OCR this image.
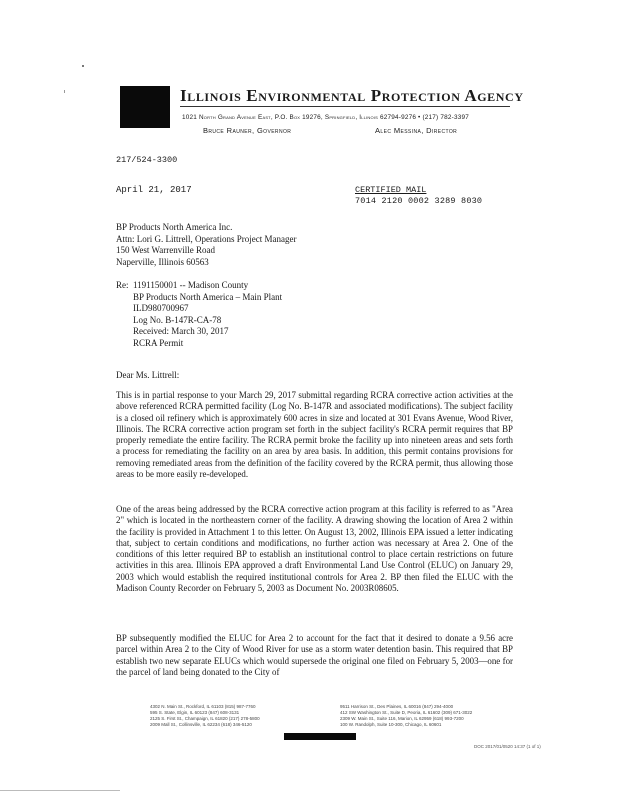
Illinois Environmental Protection Agency
1021 North Grand Avenue East, P.O. Box 19276, Springfield, Illinois 62794-9276 • (217) 782-3397
Bruce Rauner, Governor	Alec Messina, Director
217/524-3300
April 21, 2017	CERTIFIED MAIL
7014 2120 0002 3289 8030
BP Products North America Inc.
Attn: Lori G. Littrell, Operations Project Manager
150 West Warrenville Road
Naperville, Illinois 60563
Re: 1191150001 -- Madison County
BP Products North America – Main Plant
ILD980700967
Log No. B-147R-CA-78
Received: March 30, 2017
RCRA Permit
Dear Ms. Littrell:

This is in partial response to your March 29, 2017 submittal regarding RCRA corrective action activities at the above referenced RCRA permitted facility (Log No. B-147R and associated modifications). The subject facility is a closed oil refinery which is approximately 600 acres in size and located at 301 Evans Avenue, Wood River, Illinois. The RCRA corrective action program set forth in the subject facility's RCRA permit requires that BP properly remediate the entire facility. The RCRA permit broke the facility up into nineteen areas and sets forth a process for remediating the facility on an area by area basis. In addition, this permit contains provisions for removing remediated areas from the definition of the facility covered by the RCRA permit, thus allowing those areas to be more easily re-developed.

One of the areas being addressed by the RCRA corrective action program at this facility is referred to as "Area 2" which is located in the northeastern corner of the facility. A drawing showing the location of Area 2 within the facility is provided in Attachment 1 to this letter. On August 13, 2002, Illinois EPA issued a letter indicating that, subject to certain conditions and modifications, no further action was necessary at Area 2. One of the conditions of this letter required BP to establish an institutional control to place certain restrictions on future activities in this area. Illinois EPA approved a draft Environmental Land Use Control (ELUC) on January 29, 2003 which would establish the required institutional controls for Area 2. BP then filed the ELUC with the Madison County Recorder on February 5, 2003 as Document No. 2003R08605.

BP subsequently modified the ELUC for Area 2 to account for the fact that it desired to donate a 9.56 acre parcel within Area 2 to the City of Wood River for use as a storm water detention basin. This required that BP establish two new separate ELUCs which would supersede the original one filed on February 5, 2003—one for the parcel of land being donated to the City of

4302 N. Main St., Rockford, IL 61103 (815) 987-7760
595 S. State, Elgin, IL 60123 (847) 608-3131
2125 S. First St., Champaign, IL 61820 (217) 278-5800
2009 Mall St., Collinsville, IL 62234 (618) 346-5120
9511 Harrison St., Des Plaines, IL 60016 (847) 294-4000
412 SW Washington St., Suite D, Peoria, IL 61602 (309) 671-3022
2309 W. Main St., Suite 116, Marion, IL 62959 (618) 993-7200
100 W. Randolph, Suite 10-300, Chicago, IL 60601
DOC 2017/01/0520 14:37 (1 of 1)
